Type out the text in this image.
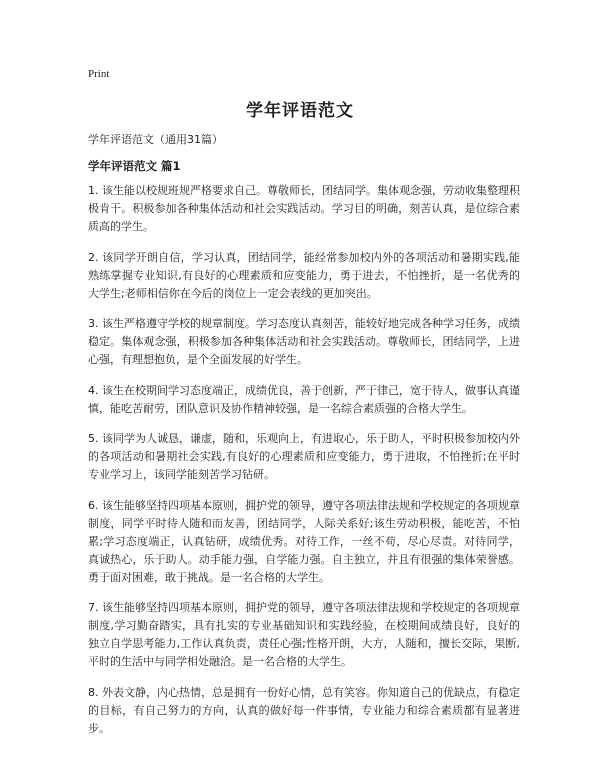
Print
学年评语范文
学年评语范文（通用31篇）
学年评语范文 篇1

1. 该生能以校规班规严格要求自己。尊敬师长，团结同学。集体观念强，劳动收集整理积极肯干。积极参加各种集体活动和社会实践活动。学习目的明确，刻苦认真，是位综合素质高的学生。

2. 该同学开朗自信，学习认真，团结同学，能经常参加校内外的各项活动和暑期实践,能熟练掌握专业知识,有良好的心理素质和应变能力，勇于进去，不怕挫折，是一名优秀的大学生;老师相信你在今后的岗位上一定会表线的更加突出。

3. 该生严格遵守学校的规章制度。学习态度认真刻苦，能较好地完成各种学习任务，成绩稳定。集体观念强，积极参加各种集体活动和社会实践活动。尊敬师长，团结同学，上进心强，有理想抱负，是个全面发展的好学生。

4. 该生在校期间学习态度端正，成绩优良，善于创新，严于律己，宽于待人，做事认真谨慎，能吃苦耐劳，团队意识及协作精神较强，是一名综合素质强的合格大学生。

5. 该同学为人诚恳，谦虚，随和，乐观向上，有进取心，乐于助人，平时积极参加校内外的各项活动和暑期社会实践,有良好的心理素质和应变能力，勇于进取，不怕挫折;在平时专业学习上，该同学能刻苦学习钻研。

6. 该生能够坚持四项基本原则，拥护党的领导，遵守各项法律法规和学校规定的各项规章制度，同学平时待人随和而友善，团结同学，人际关系好;该生劳动积极，能吃苦，不怕累;学习态度端正，认真钻研，成绩优秀。对待工作，一丝不苟，尽心尽责。对待同学，真诚热心，乐于助人。动手能力强，自学能力强。自主独立，并且有很强的集体荣誉感。勇于面对困难，敢于挑战。是一名合格的大学生。

7. 该生能够坚持四项基本原则，拥护党的领导，遵守各项法律法规和学校规定的各项规章制度,学习勤奋踏实，具有扎实的专业基础知识和实践经验，在校期间成绩良好，良好的独立自学思考能力,工作认真负责，责任心强;性格开朗，大方，人随和，擅长交际，果断,平时的生活中与同学相处融洽。是一名合格的大学生。

8. 外表文静，内心热情，总是拥有一份好心情，总有笑容。你知道自己的优缺点，有稳定的目标，有自己努力的方向，认真的做好每一件事情，专业能力和综合素质都有显著进步。
